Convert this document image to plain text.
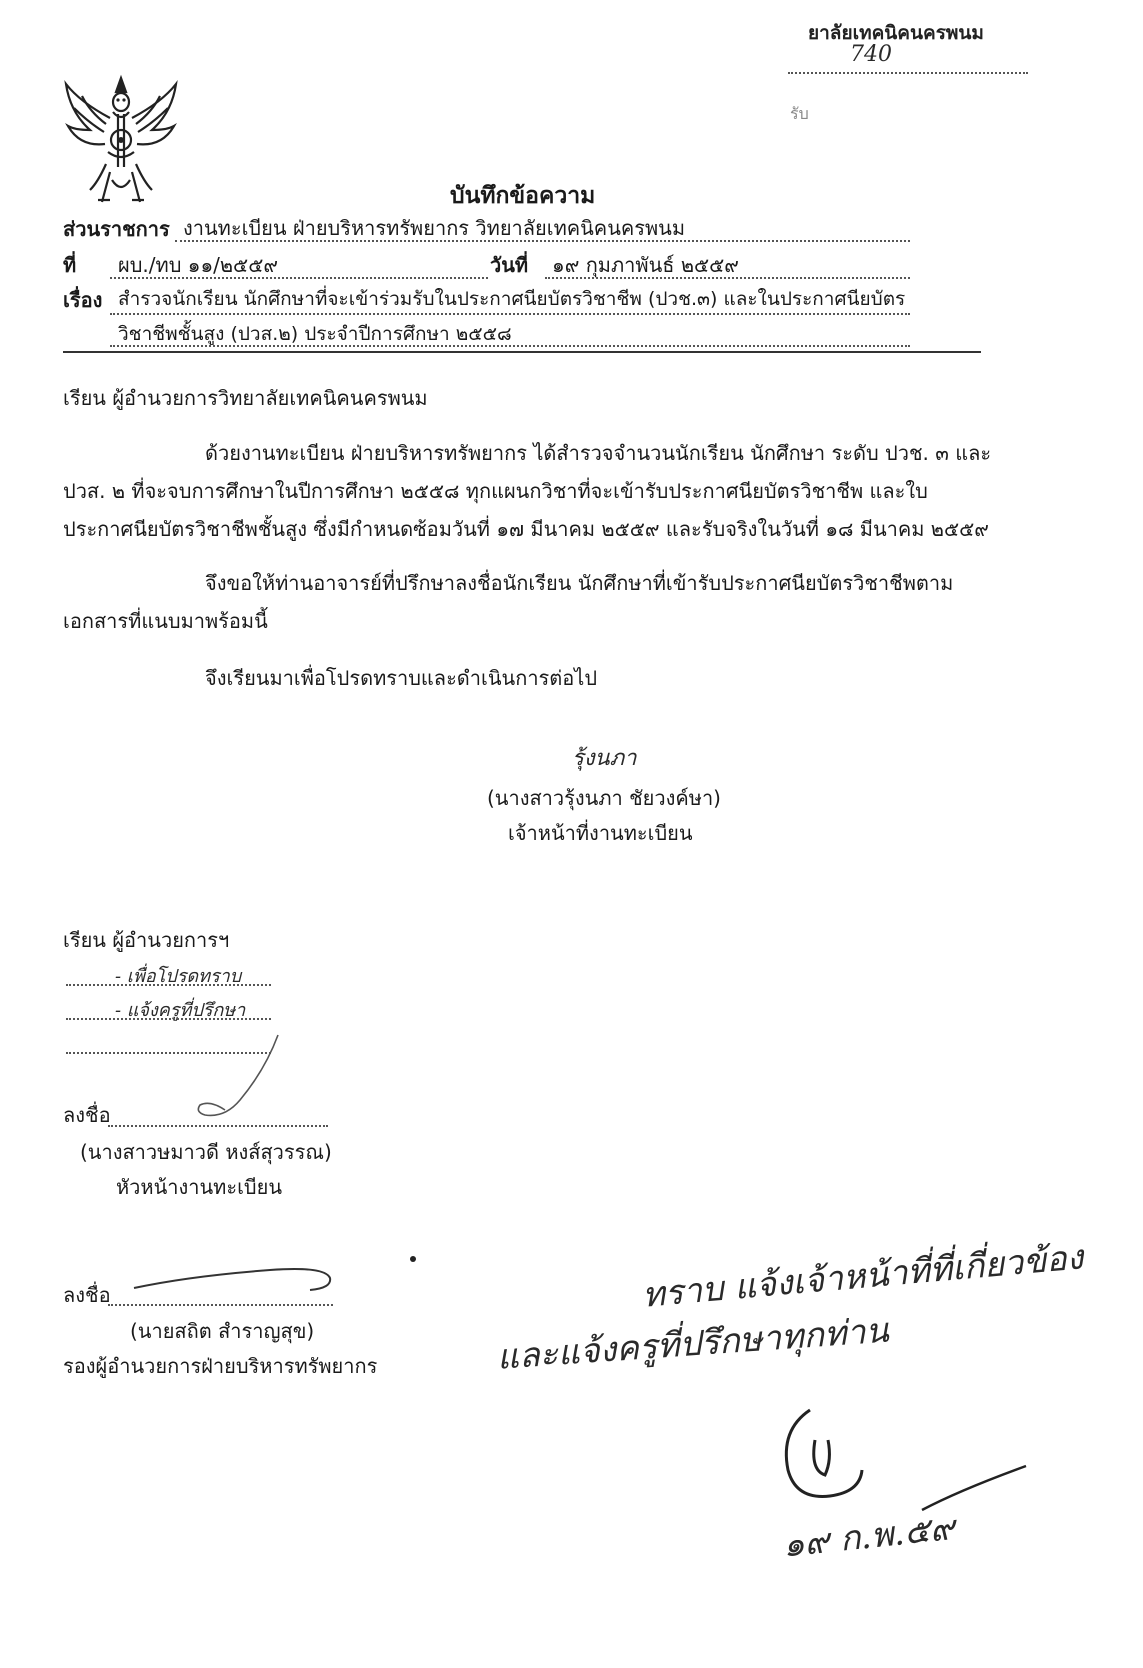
ยาลัยเทคนิคนครพนม
740
รับ
บันทึกข้อความ
ส่วนราชการ งานทะเบียน ฝ่ายบริหารทรัพยากร วิทยาลัยเทคนิคนครพนม
ที่ ผบ./ทบ ๑๑/๒๕๕๙	วันที่ ๑๙ กุมภาพันธ์ ๒๕๕๙
เรื่อง สำรวจนักเรียน นักศึกษาที่จะเข้าร่วมรับในประกาศนียบัตรวิชาชีพ (ปวช.๓) และในประกาศนียบัตร
วิชาชีพชั้นสูง (ปวส.๒) ประจำปีการศึกษา ๒๕๕๘
เรียน ผู้อำนวยการวิทยาลัยเทคนิคนครพนม
ด้วยงานทะเบียน ฝ่ายบริหารทรัพยากร ได้สำรวจจำนวนนักเรียน นักศึกษา ระดับ ปวช. ๓ และ
ปวส. ๒ ที่จะจบการศึกษาในปีการศึกษา ๒๕๕๘ ทุกแผนกวิชาที่จะเข้ารับประกาศนียบัตรวิชาชีพ และใบ
ประกาศนียบัตรวิชาชีพชั้นสูง ซึ่งมีกำหนดซ้อมวันที่ ๑๗ มีนาคม ๒๕๕๙ และรับจริงในวันที่ ๑๘ มีนาคม ๒๕๕๙
จึงขอให้ท่านอาจารย์ที่ปรึกษาลงชื่อนักเรียน นักศึกษาที่เข้ารับประกาศนียบัตรวิชาชีพตาม
เอกสารที่แนบมาพร้อมนี้
จึงเรียนมาเพื่อโปรดทราบและดำเนินการต่อไป
รุ้งนภา
(นางสาวรุ้งนภา ชัยวงค์ษา)
เจ้าหน้าที่งานทะเบียน
เรียน ผู้อำนวยการฯ
- เพื่อโปรดทราบ
- แจ้งครูที่ปรึกษา
ลงชื่อ
(นางสาวษมาวดี หงส์สุวรรณ)
หัวหน้างานทะเบียน
ลงชื่อ
(นายสถิต สำราญสุข)
รองผู้อำนวยการฝ่ายบริหารทรัพยากร
ทราบ แจ้งเจ้าหน้าที่ที่เกี่ยวข้อง
และแจ้งครูที่ปรึกษาทุกท่าน
๑๙ ก.พ.๕๙
